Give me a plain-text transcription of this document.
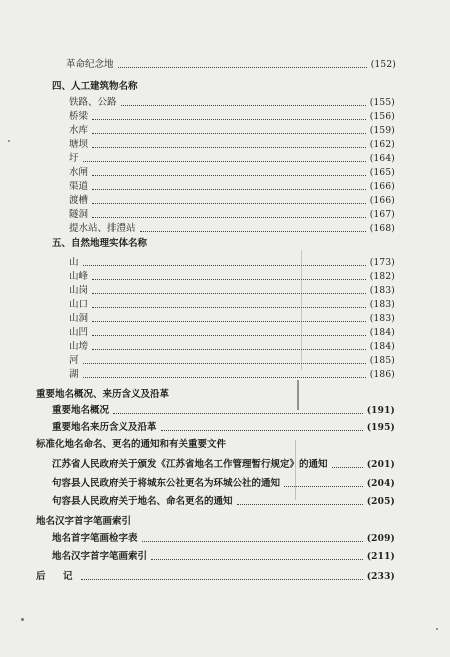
革命纪念地	(152)
四、人工建筑物名称
铁路、公路	(155)
桥梁	(156)
水库	(159)
塘坝	(162)
圩	(164)
水闸	(165)
渠道	(166)
渡槽	(166)
隧洞	(167)
提水站、排澧站	(168)
五、自然地理实体名称
山	(173)
山峰	(182)
山岗	(183)
山口	(183)
山洞	(183)
山凹	(184)
山塝	(184)
河	(185)
湖	(186)
重要地名概况、来历含义及沿革
重要地名概况	(191)
重要地名来历含义及沿革	(195)
标准化地名命名、更名的通知和有关重要文件
江苏省人民政府关于颁发《江苏省地名工作管理暂行规定》的通知	(201)
句容县人民政府关于将城东公社更名为环城公社的通知	(204)
句容县人民政府关于地名、命名更名的通知	(205)
地名汉字首字笔画索引
地名首字笔画检字表	(209)
地名汉字首字笔画索引	(211)
后　记	(233)
